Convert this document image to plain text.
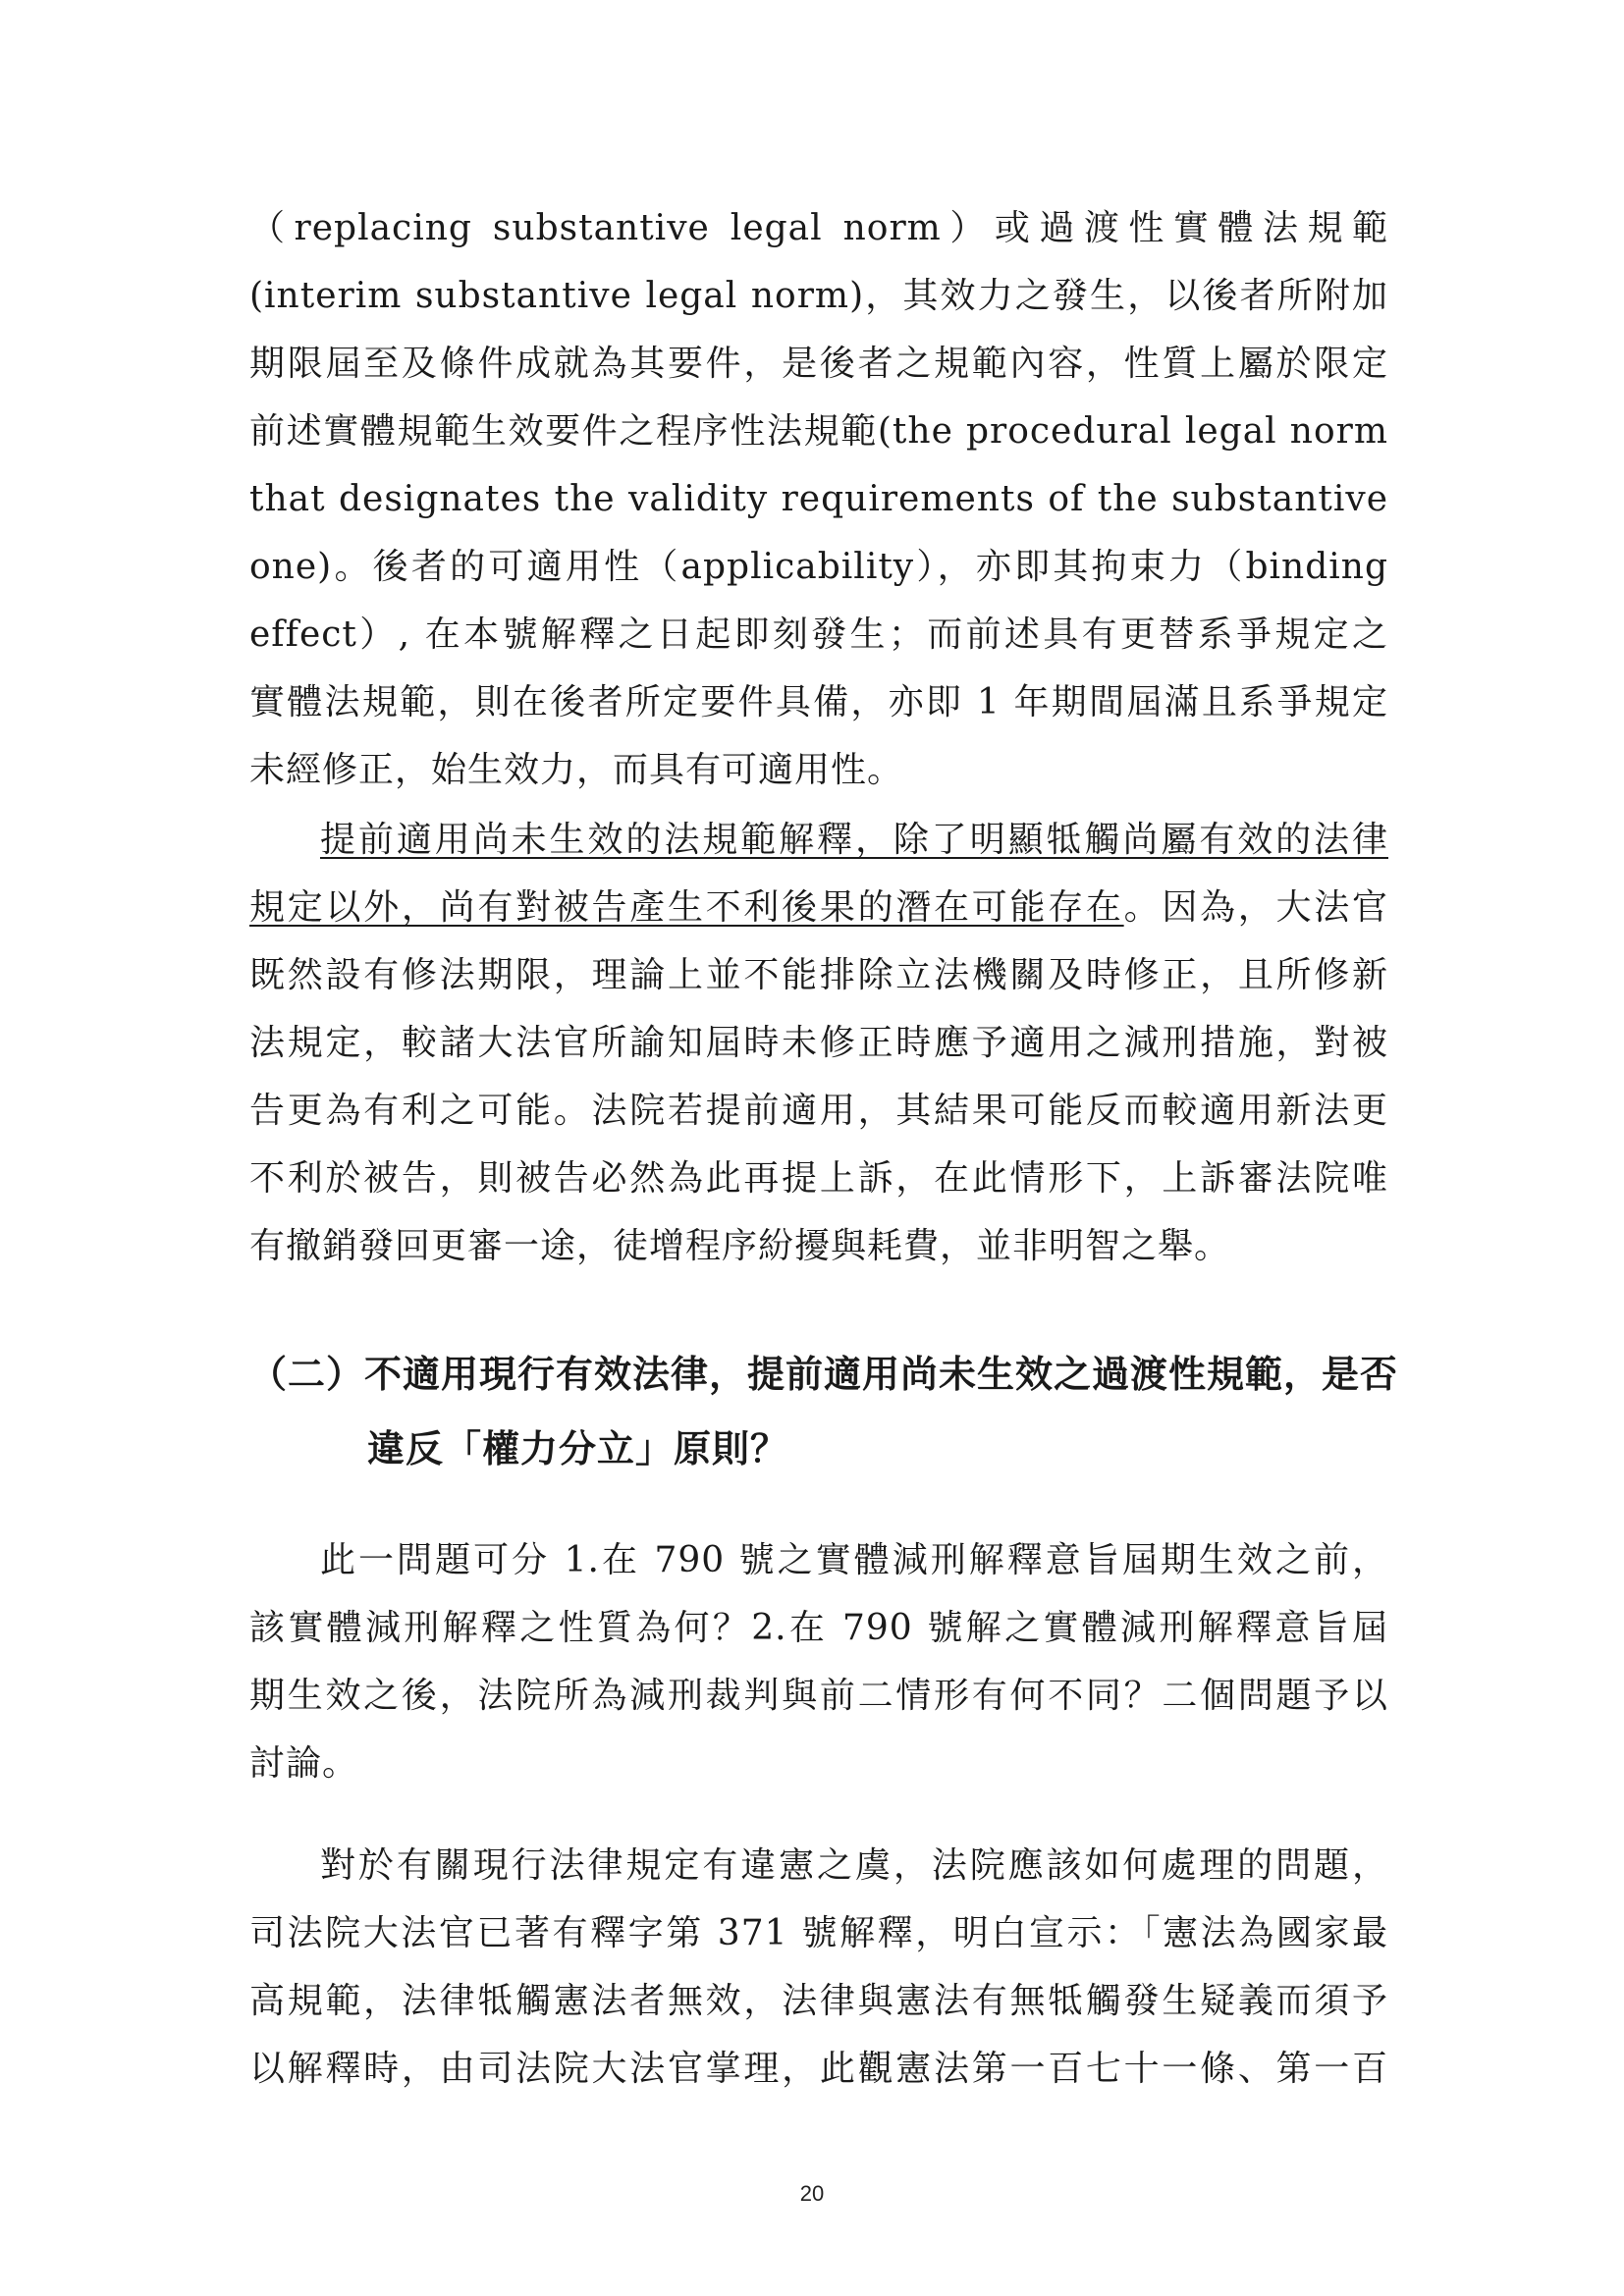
（replacing substantive legal norm）或過渡性實體法規範
(interim substantive legal norm)，其效力之發生，以後者所附加
期限屆至及條件成就為其要件，是後者之規範內容，性質上屬於限定
前述實體規範生效要件之程序性法規範(the procedural legal norm
that designates the validity requirements of the substantive
one)。後者的可適用性（applicability），亦即其拘束力（binding
effect）, 在本號解釋之日起即刻發生；而前述具有更替系爭規定之
實體法規範，則在後者所定要件具備，亦即 1 年期間屆滿且系爭規定
未經修正，始生效力，而具有可適用性。
提前適用尚未生效的法規範解釋，除了明顯牴觸尚屬有效的法律
規定以外，尚有對被告產生不利後果的潛在可能存在。因為，大法官
既然設有修法期限，理論上並不能排除立法機關及時修正，且所修新
法規定，較諸大法官所諭知屆時未修正時應予適用之減刑措施，對被
告更為有利之可能。法院若提前適用，其結果可能反而較適用新法更
不利於被告，則被告必然為此再提上訴，在此情形下，上訴審法院唯
有撤銷發回更審一途，徒增程序紛擾與耗費，並非明智之舉。
（二）不適用現行有效法律，提前適用尚未生效之過渡性規範，是否
違反「權力分立」原則？
此一問題可分 1.在 790 號之實體減刑解釋意旨屆期生效之前，
該實體減刑解釋之性質為何？2.在 790 號解之實體減刑解釋意旨屆
期生效之後，法院所為減刑裁判與前二情形有何不同？二個問題予以
討論。
對於有關現行法律規定有違憲之虞，法院應該如何處理的問題，
司法院大法官已著有釋字第 371 號解釋，明白宣示：「憲法為國家最
高規範，法律牴觸憲法者無效，法律與憲法有無牴觸發生疑義而須予
以解釋時，由司法院大法官掌理，此觀憲法第一百七十一條、第一百
20
